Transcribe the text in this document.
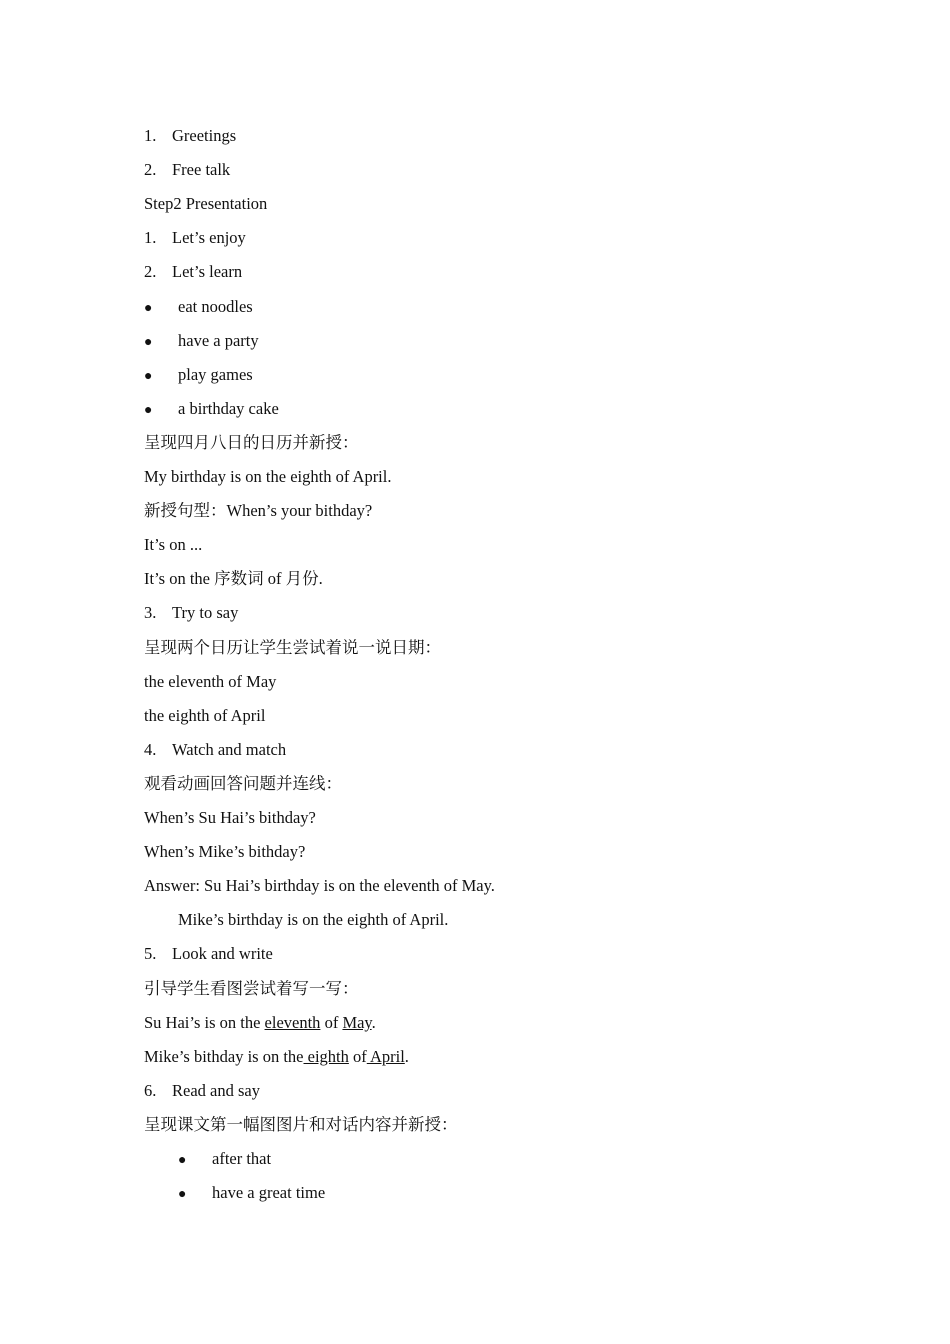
1. Greetings
2. Free talk
Step2 Presentation
1. Let’s enjoy
2. Let’s learn
● eat noodles
● have a party
● play games
● a birthday cake
呈现四月八日的日历并新授：
My birthday is on the eighth of April.
新授句型：When’s your bithday?
It’s on ...
It’s on the 序数词 of 月份.
3. Try to say
呈现两个日历让学生尝试着说一说日期：
the eleventh of May
the eighth of April
4. Watch and match
观看动画回答问题并连线：
When’s Su Hai’s bithday?
When’s Mike’s bithday?
Answer: Su Hai’s birthday is on the eleventh of May.
Mike’s birthday is on the eighth of April.
5. Look and write
引导学生看图尝试着写一写：
Su Hai’s is on the eleventh of May.
Mike’s bithday is on the eighth of April.
6. Read and say
呈现课文第一幅图图片和对话内容并新授：
● after that
● have a great time
